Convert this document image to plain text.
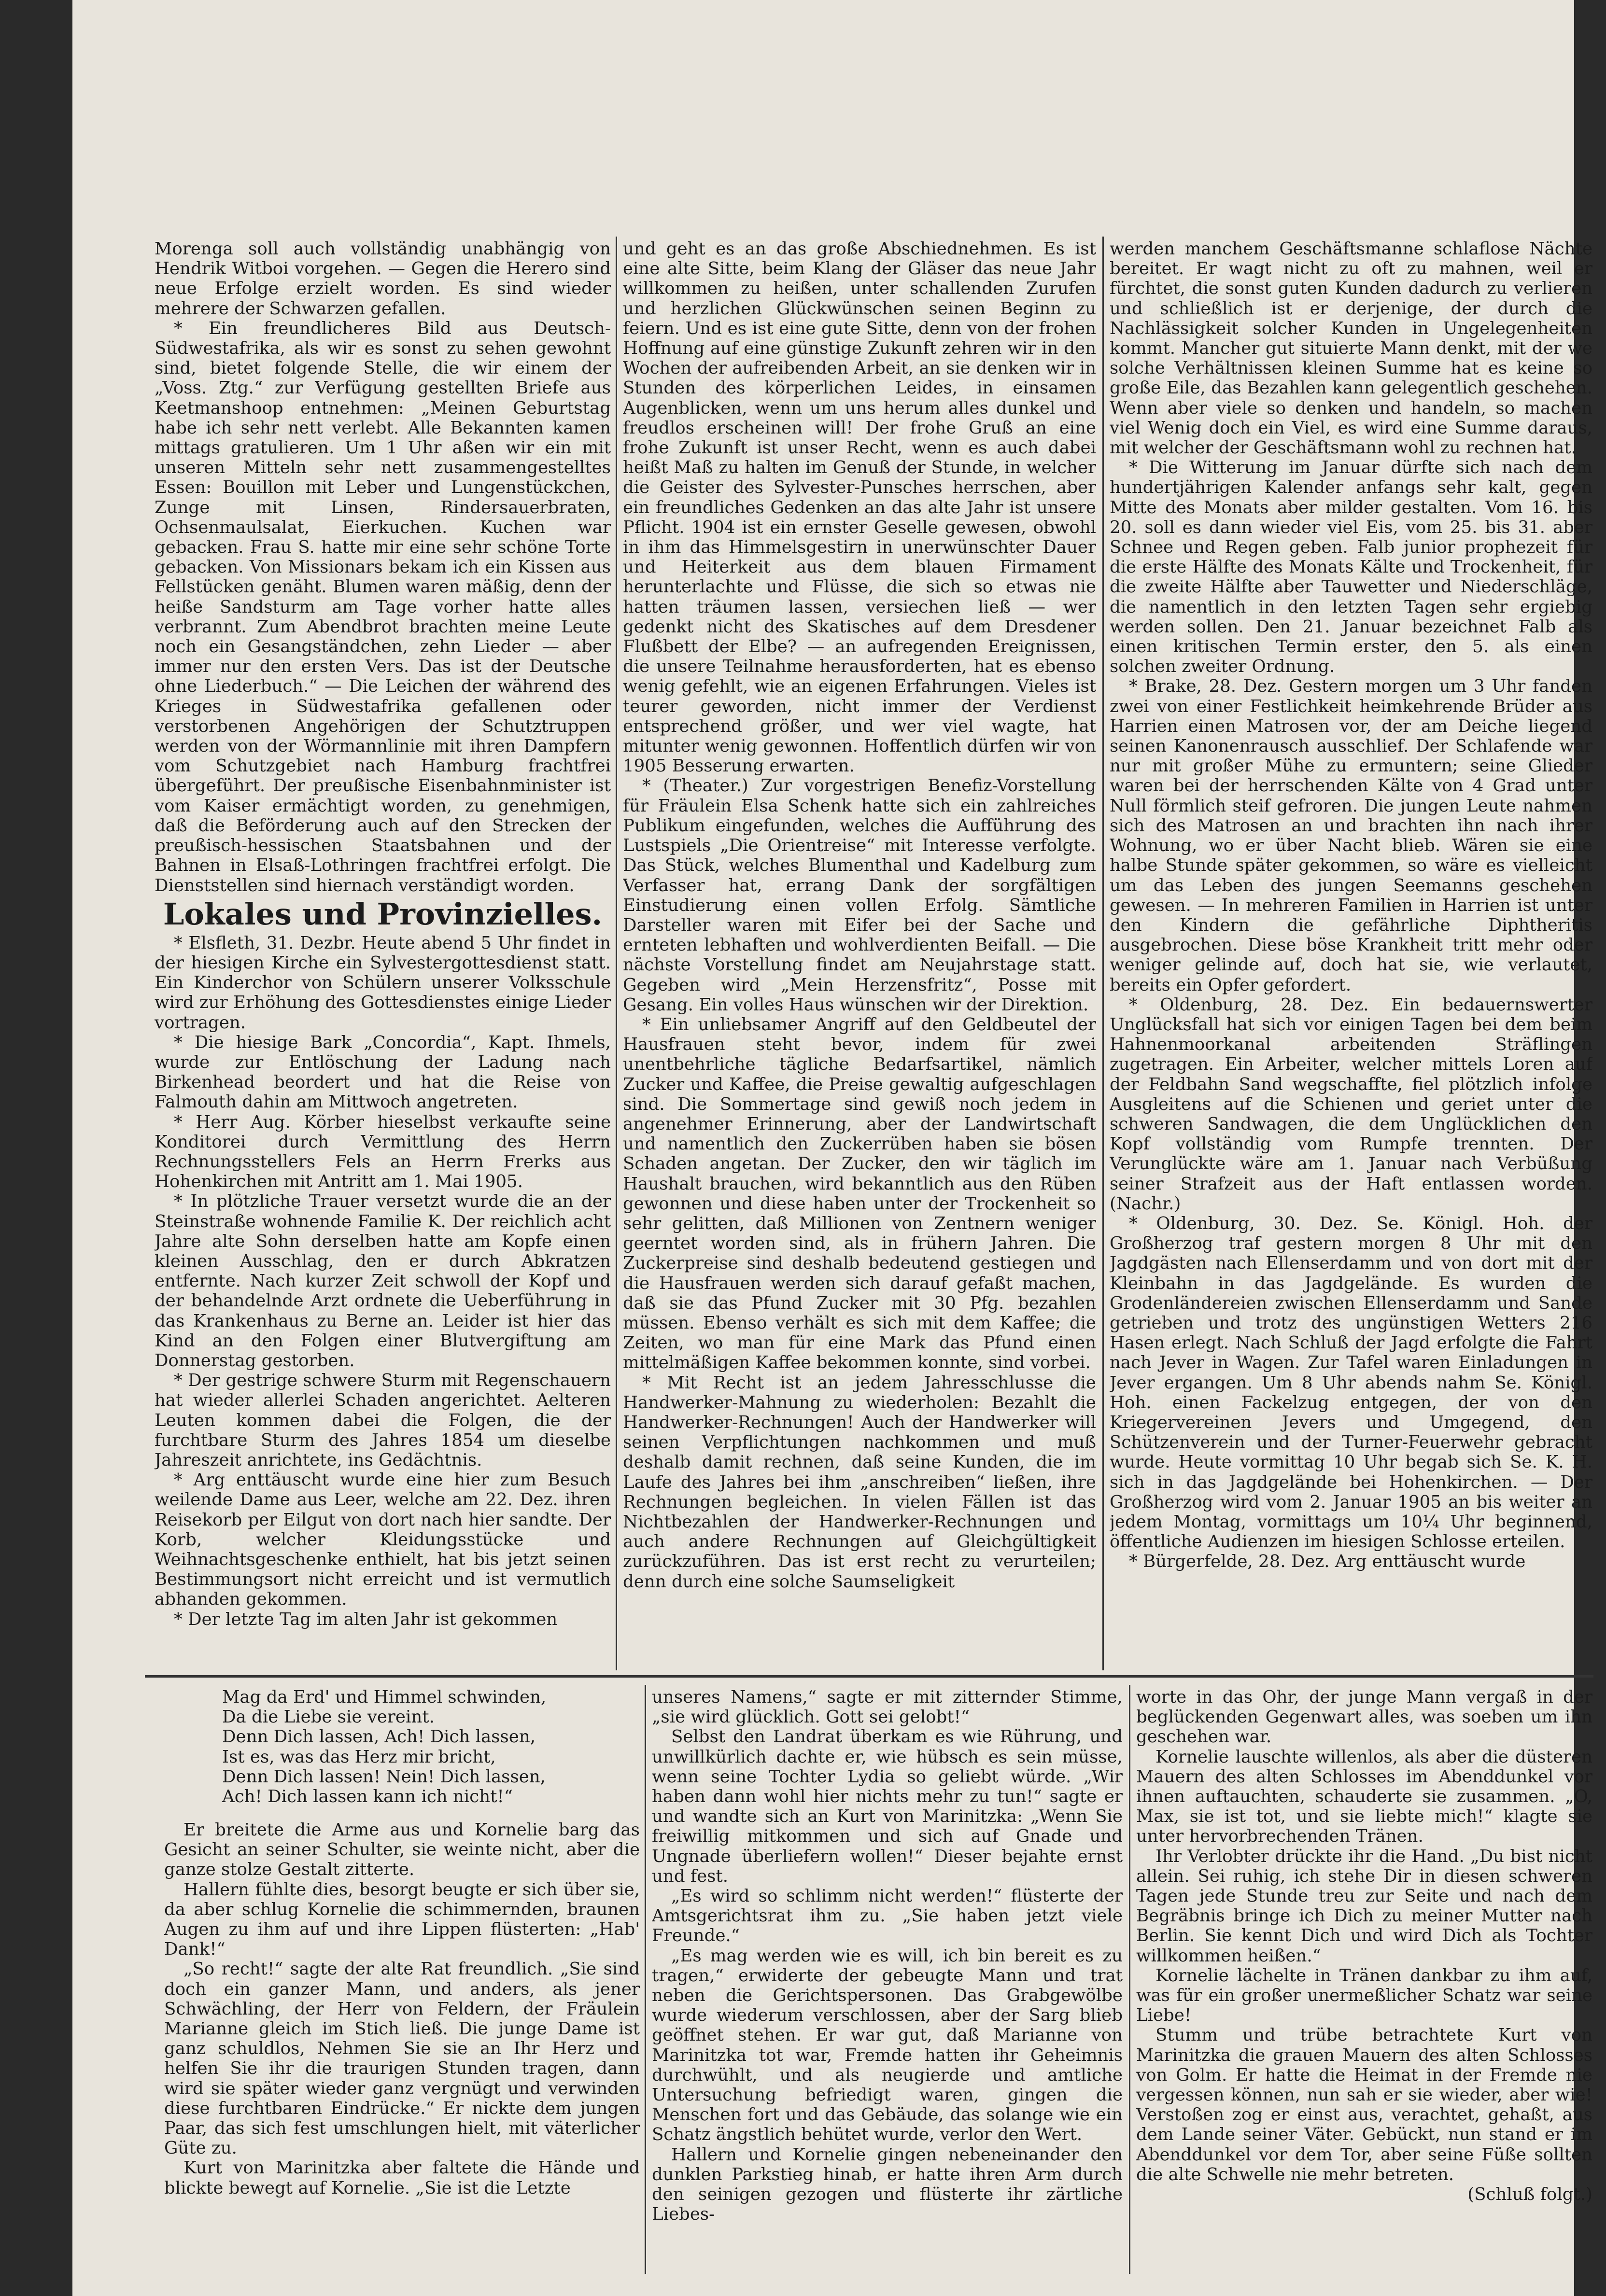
Morenga soll auch vollständig unabhängig von Hendrik Witboi vorgehen. — Gegen die Herero sind neue Erfolge erzielt worden. Es sind wieder mehrere der Schwarzen gefallen.

* Ein freundlicheres Bild aus Deutsch-Südwestafrika, als wir es sonst zu sehen gewohnt sind, bietet folgende Stelle, die wir einem der „Voss. Ztg.“ zur Verfügung gestellten Briefe aus Keetmanshoop entnehmen: „Meinen Geburtstag habe ich sehr nett verlebt. Alle Bekannten kamen mittags gratulieren. Um 1 Uhr aßen wir ein mit unseren Mitteln sehr nett zusammengestelltes Essen: Bouillon mit Leber und Lungenstückchen, Zunge mit Linsen, Rindersauerbraten, Ochsenmaulsalat, Eierkuchen. Kuchen war gebacken. Frau S. hatte mir eine sehr schöne Torte gebacken. Von Missionars bekam ich ein Kissen aus Fellstücken genäht. Blumen waren mäßig, denn der heiße Sandsturm am Tage vorher hatte alles verbrannt. Zum Abendbrot brachten meine Leute noch ein Gesangständchen, zehn Lieder — aber immer nur den ersten Vers. Das ist der Deutsche ohne Liederbuch.“ — Die Leichen der während des Krieges in Südwestafrika gefallenen oder verstorbenen Angehörigen der Schutztruppen werden von der Wörmannlinie mit ihren Dampfern vom Schutzgebiet nach Hamburg frachtfrei übergeführt. Der preußische Eisenbahnminister ist vom Kaiser ermächtigt worden, zu genehmigen, daß die Beförderung auch auf den Strecken der preußisch-hessischen Staatsbahnen und der Bahnen in Elsaß-Lothringen frachtfrei erfolgt. Die Dienststellen sind hiernach verständigt worden.

Lokales und Provinzielles.

* Elsfleth, 31. Dezbr. Heute abend 5 Uhr findet in der hiesigen Kirche ein Sylvestergottesdienst statt. Ein Kinderchor von Schülern unserer Volksschule wird zur Erhöhung des Gottesdienstes einige Lieder vortragen.

* Die hiesige Bark „Concordia“, Kapt. Ihmels, wurde zur Entlöschung der Ladung nach Birkenhead beordert und hat die Reise von Falmouth dahin am Mittwoch angetreten.

* Herr Aug. Körber hieselbst verkaufte seine Konditorei durch Vermittlung des Herrn Rechnungsstellers Fels an Herrn Frerks aus Hohenkirchen mit Antritt am 1. Mai 1905.

* In plötzliche Trauer versetzt wurde die an der Steinstraße wohnende Familie K. Der reichlich acht Jahre alte Sohn derselben hatte am Kopfe einen kleinen Ausschlag, den er durch Abkratzen entfernte. Nach kurzer Zeit schwoll der Kopf und der behandelnde Arzt ordnete die Ueberführung in das Krankenhaus zu Berne an. Leider ist hier das Kind an den Folgen einer Blutvergiftung am Donnerstag gestorben.

* Der gestrige schwere Sturm mit Regenschauern hat wieder allerlei Schaden angerichtet. Aelteren Leuten kommen dabei die Folgen, die der furchtbare Sturm des Jahres 1854 um dieselbe Jahreszeit anrichtete, ins Gedächtnis.

* Arg enttäuscht wurde eine hier zum Besuch weilende Dame aus Leer, welche am 22. Dez. ihren Reisekorb per Eilgut von dort nach hier sandte. Der Korb, welcher Kleidungsstücke und Weihnachtsgeschenke enthielt, hat bis jetzt seinen Bestimmungsort nicht erreicht und ist vermutlich abhanden gekommen.

* Der letzte Tag im alten Jahr ist gekommen

und geht es an das große Abschiednehmen. Es ist eine alte Sitte, beim Klang der Gläser das neue Jahr willkommen zu heißen, unter schallenden Zurufen und herzlichen Glückwünschen seinen Beginn zu feiern. Und es ist eine gute Sitte, denn von der frohen Hoffnung auf eine günstige Zukunft zehren wir in den Wochen der aufreibenden Arbeit, an sie denken wir in Stunden des körperlichen Leides, in einsamen Augenblicken, wenn um uns herum alles dunkel und freudlos erscheinen will! Der frohe Gruß an eine frohe Zukunft ist unser Recht, wenn es auch dabei heißt Maß zu halten im Genuß der Stunde, in welcher die Geister des Sylvester-Punsches herrschen, aber ein freundliches Gedenken an das alte Jahr ist unsere Pflicht. 1904 ist ein ernster Geselle gewesen, obwohl in ihm das Himmelsgestirn in unerwünschter Dauer und Heiterkeit aus dem blauen Firmament herunterlachte und Flüsse, die sich so etwas nie hatten träumen lassen, versiechen ließ — wer gedenkt nicht des Skatisches auf dem Dresdener Flußbett der Elbe? — an aufregenden Ereignissen, die unsere Teilnahme herausforderten, hat es ebenso wenig gefehlt, wie an eigenen Erfahrungen. Vieles ist teurer geworden, nicht immer der Verdienst entsprechend größer, und wer viel wagte, hat mitunter wenig gewonnen. Hoffentlich dürfen wir von 1905 Besserung erwarten.

* (Theater.) Zur vorgestrigen Benefiz-Vorstellung für Fräulein Elsa Schenk hatte sich ein zahlreiches Publikum eingefunden, welches die Aufführung des Lustspiels „Die Orientreise“ mit Interesse verfolgte. Das Stück, welches Blumenthal und Kadelburg zum Verfasser hat, errang Dank der sorgfältigen Einstudierung einen vollen Erfolg. Sämtliche Darsteller waren mit Eifer bei der Sache und ernteten lebhaften und wohlverdienten Beifall. — Die nächste Vorstellung findet am Neujahrstage statt. Gegeben wird „Mein Herzensfritz“, Posse mit Gesang. Ein volles Haus wünschen wir der Direktion.

* Ein unliebsamer Angriff auf den Geldbeutel der Hausfrauen steht bevor, indem für zwei unentbehrliche tägliche Bedarfsartikel, nämlich Zucker und Kaffee, die Preise gewaltig aufgeschlagen sind. Die Sommertage sind gewiß noch jedem in angenehmer Erinnerung, aber der Landwirtschaft und namentlich den Zuckerrüben haben sie bösen Schaden angetan. Der Zucker, den wir täglich im Haushalt brauchen, wird bekanntlich aus den Rüben gewonnen und diese haben unter der Trockenheit so sehr gelitten, daß Millionen von Zentnern weniger geerntet worden sind, als in frühern Jahren. Die Zuckerpreise sind deshalb bedeutend gestiegen und die Hausfrauen werden sich darauf gefaßt machen, daß sie das Pfund Zucker mit 30 Pfg. bezahlen müssen. Ebenso verhält es sich mit dem Kaffee; die Zeiten, wo man für eine Mark das Pfund einen mittelmäßigen Kaffee bekommen konnte, sind vorbei.

* Mit Recht ist an jedem Jahresschlusse die Handwerker-Mahnung zu wiederholen: Bezahlt die Handwerker-Rechnungen! Auch der Handwerker will seinen Verpflichtungen nachkommen und muß deshalb damit rechnen, daß seine Kunden, die im Laufe des Jahres bei ihm „anschreiben“ ließen, ihre Rechnungen begleichen. In vielen Fällen ist das Nichtbezahlen der Handwerker-Rechnungen und auch andere Rechnungen auf Gleichgültigkeit zurückzuführen. Das ist erst recht zu verurteilen; denn durch eine solche Saumseligkeit

werden manchem Geschäftsmanne schlaflose Nächte bereitet. Er wagt nicht zu oft zu mahnen, weil er fürchtet, die sonst guten Kunden dadurch zu verlieren und schließlich ist er derjenige, der durch die Nachlässigkeit solcher Kunden in Ungelegenheiten kommt. Mancher gut situierte Mann denkt, mit der we solche Verhältnissen kleinen Summe hat es keine so große Eile, das Bezahlen kann gelegentlich geschehen. Wenn aber viele so denken und handeln, so machen viel Wenig doch ein Viel, es wird eine Summe daraus, mit welcher der Geschäftsmann wohl zu rechnen hat.

* Die Witterung im Januar dürfte sich nach dem hundertjährigen Kalender anfangs sehr kalt, gegen Mitte des Monats aber milder gestalten. Vom 16. bis 20. soll es dann wieder viel Eis, vom 25. bis 31. aber Schnee und Regen geben. Falb junior prophezeit für die erste Hälfte des Monats Kälte und Trockenheit, für die zweite Hälfte aber Tauwetter und Niederschläge, die namentlich in den letzten Tagen sehr ergiebig werden sollen. Den 21. Januar bezeichnet Falb als einen kritischen Termin erster, den 5. als einen solchen zweiter Ordnung.

* Brake, 28. Dez. Gestern morgen um 3 Uhr fanden zwei von einer Festlichkeit heimkehrende Brüder aus Harrien einen Matrosen vor, der am Deiche liegend seinen Kanonenrausch ausschlief. Der Schlafende war nur mit großer Mühe zu ermuntern; seine Glieder waren bei der herrschenden Kälte von 4 Grad unter Null förmlich steif gefroren. Die jungen Leute nahmen sich des Matrosen an und brachten ihn nach ihrer Wohnung, wo er über Nacht blieb. Wären sie eine halbe Stunde später gekommen, so wäre es vielleicht um das Leben des jungen Seemanns geschehen gewesen. — In mehreren Familien in Harrien ist unter den Kindern die gefährliche Diphtheritis ausgebrochen. Diese böse Krankheit tritt mehr oder weniger gelinde auf, doch hat sie, wie verlautet, bereits ein Opfer gefordert.

* Oldenburg, 28. Dez. Ein bedauernswerter Unglücksfall hat sich vor einigen Tagen bei dem beim Hahnenmoorkanal arbeitenden Sträflingen zugetragen. Ein Arbeiter, welcher mittels Loren auf der Feldbahn Sand wegschaffte, fiel plötzlich infolge Ausgleitens auf die Schienen und geriet unter die schweren Sandwagen, die dem Unglücklichen den Kopf vollständig vom Rumpfe trennten. Der Verunglückte wäre am 1. Januar nach Verbüßung seiner Strafzeit aus der Haft entlassen worden. (Nachr.)

* Oldenburg, 30. Dez. Se. Königl. Hoh. der Großherzog traf gestern morgen 8 Uhr mit den Jagdgästen nach Ellenserdamm und von dort mit der Kleinbahn in das Jagdgelände. Es wurden die Grodenländereien zwischen Ellenserdamm und Sande getrieben und trotz des ungünstigen Wetters 216 Hasen erlegt. Nach Schluß der Jagd erfolgte die Fahrt nach Jever in Wagen. Zur Tafel waren Einladungen in Jever ergangen. Um 8 Uhr abends nahm Se. Königl. Hoh. einen Fackelzug entgegen, der von den Kriegervereinen Jevers und Umgegend, den Schützenverein und der Turner-Feuerwehr gebracht wurde. Heute vormittag 10 Uhr begab sich Se. K. H. sich in das Jagdgelände bei Hohenkirchen. — Der Großherzog wird vom 2. Januar 1905 an bis weiter an jedem Montag, vormittags um 10¼ Uhr beginnend, öffentliche Audienzen im hiesigen Schlosse erteilen.

* Bürgerfelde, 28. Dez. Arg enttäuscht wurde

Mag da Erd' und Himmel schwinden,

Da die Liebe sie vereint.

Denn Dich lassen, Ach! Dich lassen,

Ist es, was das Herz mir bricht,

Denn Dich lassen! Nein! Dich lassen,

Ach! Dich lassen kann ich nicht!“

Er breitete die Arme aus und Kornelie barg das Gesicht an seiner Schulter, sie weinte nicht, aber die ganze stolze Gestalt zitterte.

Hallern fühlte dies, besorgt beugte er sich über sie, da aber schlug Kornelie die schimmernden, braunen Augen zu ihm auf und ihre Lippen flüsterten: „Hab' Dank!“

„So recht!“ sagte der alte Rat freundlich. „Sie sind doch ein ganzer Mann, und anders, als jener Schwächling, der Herr von Feldern, der Fräulein Marianne gleich im Stich ließ. Die junge Dame ist ganz schuldlos, Nehmen Sie sie an Ihr Herz und helfen Sie ihr die traurigen Stunden tragen, dann wird sie später wieder ganz vergnügt und verwinden diese furchtbaren Eindrücke.“ Er nickte dem jungen Paar, das sich fest umschlungen hielt, mit väterlicher Güte zu.

Kurt von Marinitzka aber faltete die Hände und blickte bewegt auf Kornelie. „Sie ist die Letzte

unseres Namens,“ sagte er mit zitternder Stimme, „sie wird glücklich. Gott sei gelobt!“

Selbst den Landrat überkam es wie Rührung, und unwillkürlich dachte er, wie hübsch es sein müsse, wenn seine Tochter Lydia so geliebt würde. „Wir haben dann wohl hier nichts mehr zu tun!“ sagte er und wandte sich an Kurt von Marinitzka: „Wenn Sie freiwillig mitkommen und sich auf Gnade und Ungnade überliefern wollen!“ Dieser bejahte ernst und fest.

„Es wird so schlimm nicht werden!“ flüsterte der Amtsgerichtsrat ihm zu. „Sie haben jetzt viele Freunde.“

„Es mag werden wie es will, ich bin bereit es zu tragen,“ erwiderte der gebeugte Mann und trat neben die Gerichtspersonen. Das Grabgewölbe wurde wiederum verschlossen, aber der Sarg blieb geöffnet stehen. Er war gut, daß Marianne von Marinitzka tot war, Fremde hatten ihr Geheimnis durchwühlt, und als neugierde und amtliche Untersuchung befriedigt waren, gingen die Menschen fort und das Gebäude, das solange wie ein Schatz ängstlich behütet wurde, verlor den Wert.

Hallern und Kornelie gingen nebeneinander den dunklen Parkstieg hinab, er hatte ihren Arm durch den seinigen gezogen und flüsterte ihr zärtliche Liebes-

worte in das Ohr, der junge Mann vergaß in der beglückenden Gegenwart alles, was soeben um ihn geschehen war.

Kornelie lauschte willenlos, als aber die düsteren Mauern des alten Schlosses im Abenddunkel vor ihnen auftauchten, schauderte sie zusammen. „O, Max, sie ist tot, und sie liebte mich!“ klagte sie unter hervorbrechenden Tränen.

Ihr Verlobter drückte ihr die Hand. „Du bist nicht allein. Sei ruhig, ich stehe Dir in diesen schweren Tagen jede Stunde treu zur Seite und nach dem Begräbnis bringe ich Dich zu meiner Mutter nach Berlin. Sie kennt Dich und wird Dich als Tochter willkommen heißen.“

Kornelie lächelte in Tränen dankbar zu ihm auf, was für ein großer unermeßlicher Schatz war seine Liebe!

Stumm und trübe betrachtete Kurt von Marinitzka die grauen Mauern des alten Schlosses von Golm. Er hatte die Heimat in der Fremde nie vergessen können, nun sah er sie wieder, aber wie! Verstoßen zog er einst aus, verachtet, gehaßt, aus dem Lande seiner Väter. Gebückt, nun stand er im Abenddunkel vor dem Tor, aber seine Füße sollten die alte Schwelle nie mehr betreten.

(Schluß folgt.)
